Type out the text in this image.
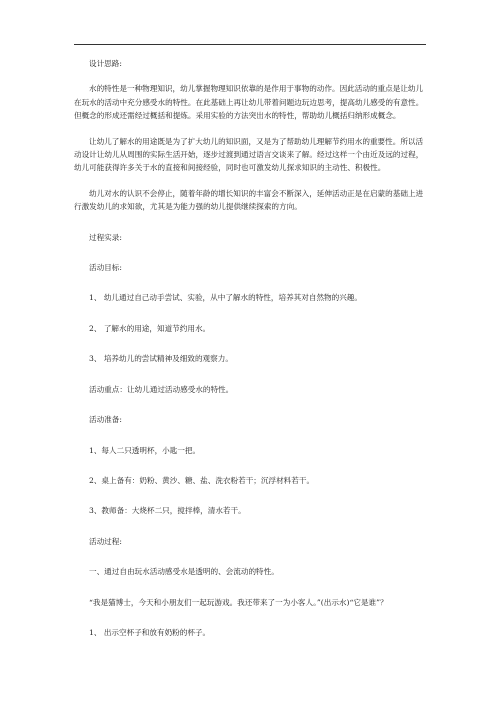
设计思路:

水的特性是一种物理知识，幼儿掌握物理知识依靠的是作用于事物的动作。因此活动的重点是让幼儿在玩水的活动中充分感受水的特性。在此基础上再让幼儿带着问题边玩边思考，提高幼儿感受的有意性。但概念的形成还需经过概括和提炼。采用实验的方法突出水的特性，帮助幼儿概括归纳形成概念。

让幼儿了解水的用途既是为了扩大幼儿的知识面，又是为了帮助幼儿理解节约用水的重要性。所以活动设计让幼儿从周围的实际生活开始，逐步过渡到通过语言交谈来了解。经过这样一个由近及远的过程，幼儿可能获得许多关于水的直接和间接经验，同时也可激发幼儿探求知识的主动性、积极性。

幼儿对水的认识不会停止，随着年龄的增长知识的丰富会不断深入，延伸活动正是在启蒙的基础上进行激发幼儿的求知欲，尤其是为能力强的幼儿提供继续探索的方向。

过程实录:

活动目标:

1、 幼儿通过自己动手尝试、实验，从中了解水的特性，培养其对自然物的兴趣。

2、 了解水的用途，知道节约用水。

3、 培养幼儿的尝试精神及细致的观察力。

活动重点：让幼儿通过活动感受水的特性。

活动准备:

1、每人二只透明杯，小匙一把。

2、桌上备有：奶粉、黄沙、糖、盐、洗衣粉若干；沉浮材料若干。

3、教师备：大烧杯二只，搅拌棒，清水若干。

活动过程:

一、通过自由玩水活动感受水是透明的、会流动的特性。

“我是猫博士，今天和小朋友们一起玩游戏。我还带来了一为小客人。”(出示水)“它是谁”？

1、 出示空杯子和放有奶粉的杯子。
